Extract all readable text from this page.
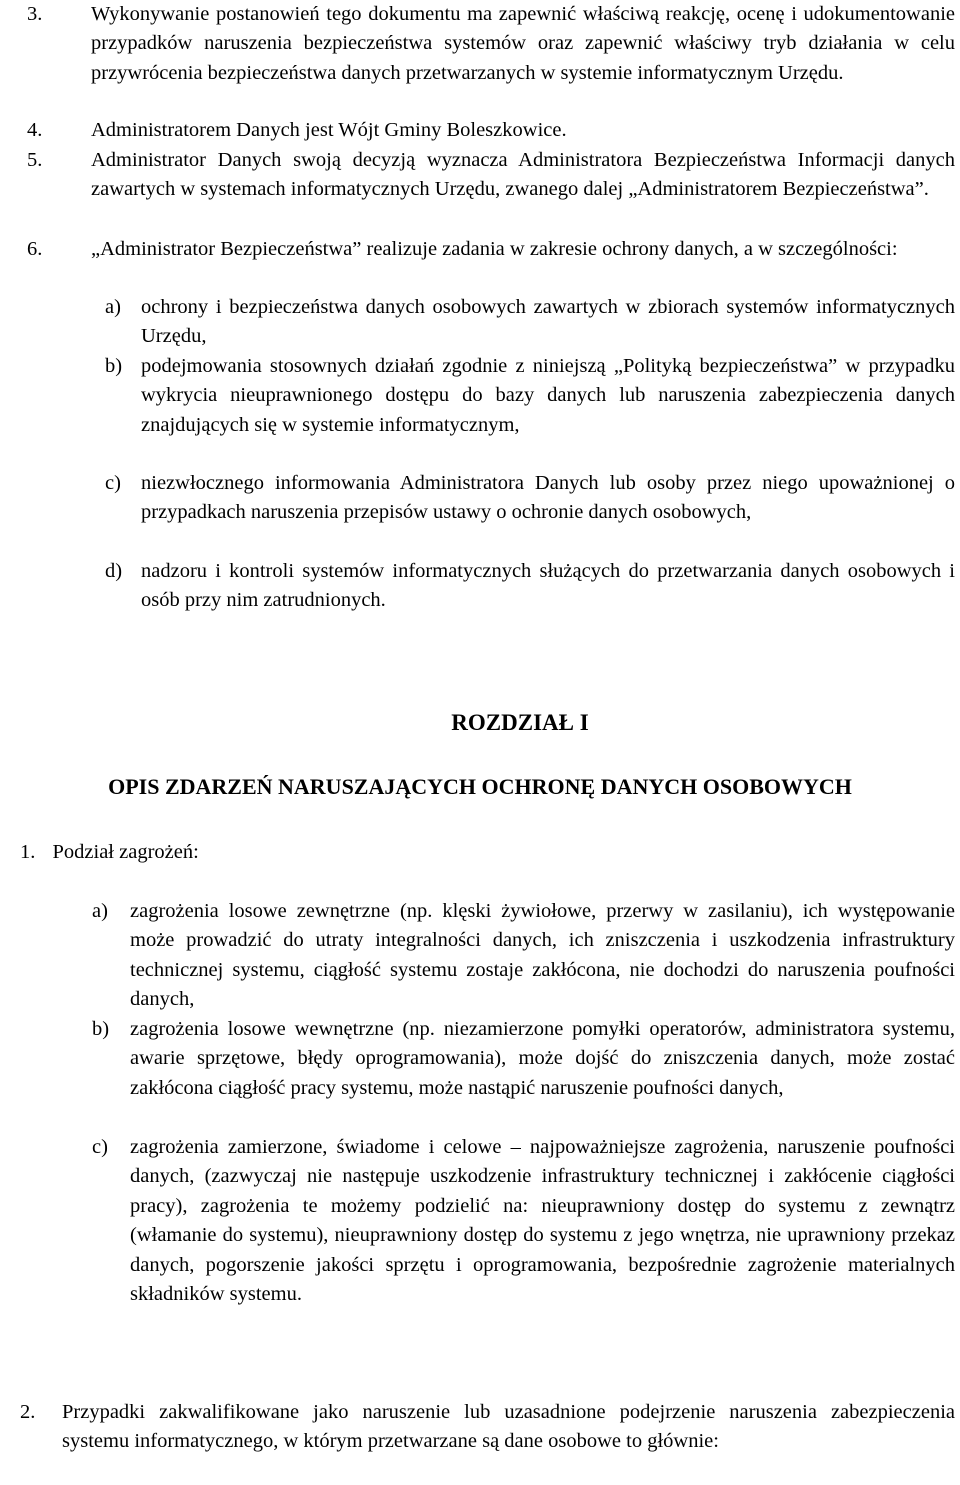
3. Wykonywanie postanowień tego dokumentu ma zapewnić właściwą reakcję, ocenę i udokumentowanie przypadków naruszenia bezpieczeństwa systemów oraz zapewnić właściwy tryb działania w celu przywrócenia bezpieczeństwa danych przetwarzanych w systemie informatycznym Urzędu.
4. Administratorem Danych jest Wójt Gminy Boleszkowice.
5. Administrator Danych swoją decyzją wyznacza Administratora Bezpieczeństwa Informacji danych zawartych w systemach informatycznych Urzędu, zwanego dalej „Administratorem Bezpieczeństwa”.
6. „Administrator Bezpieczeństwa” realizuje zadania w zakresie ochrony danych, a w szczególności:
a) ochrony i bezpieczeństwa danych osobowych zawartych w zbiorach systemów informatycznych Urzędu,
b) podejmowania stosownych działań zgodnie z niniejszą „Polityką bezpieczeństwa” w przypadku wykrycia nieuprawnionego dostępu do bazy danych lub naruszenia zabezpieczenia danych znajdujących się w systemie informatycznym,
c) niezwłocznego informowania Administratora Danych lub osoby przez niego upoważnionej o przypadkach naruszenia przepisów ustawy o ochronie danych osobowych,
d) nadzoru i kontroli systemów informatycznych służących do przetwarzania danych osobowych i osób przy nim zatrudnionych.
ROZDZIAŁ I
OPIS ZDARZEŃ NARUSZAJĄCYCH OCHRONĘ DANYCH OSOBOWYCH
1. Podział zagrożeń:
a) zagrożenia losowe zewnętrzne (np. klęski żywiołowe, przerwy w zasilaniu), ich występowanie może prowadzić do utraty integralności danych, ich zniszczenia i uszkodzenia infrastruktury technicznej systemu, ciągłość systemu zostaje zakłócona, nie dochodzi do naruszenia poufności danych,
b) zagrożenia losowe wewnętrzne (np. niezamierzone pomyłki operatorów, administratora systemu, awarie sprzętowe, błędy oprogramowania), może dojść do zniszczenia danych, może zostać zakłócona ciągłość pracy systemu, może nastąpić naruszenie poufności danych,
c) zagrożenia zamierzone, świadome i celowe – najpoważniejsze zagrożenia, naruszenie poufności danych, (zazwyczaj nie następuje uszkodzenie infrastruktury technicznej i zakłócenie ciągłości pracy), zagrożenia te możemy podzielić na: nieuprawniony dostęp do systemu z zewnątrz (włamanie do systemu), nieuprawniony dostęp do systemu z jego wnętrza, nie uprawniony przekaz danych, pogorszenie jakości sprzętu i oprogramowania, bezpośrednie zagrożenie materialnych składników systemu.
2. Przypadki zakwalifikowane jako naruszenie lub uzasadnione podejrzenie naruszenia zabezpieczenia systemu informatycznego, w którym przetwarzane są dane osobowe to głównie:
